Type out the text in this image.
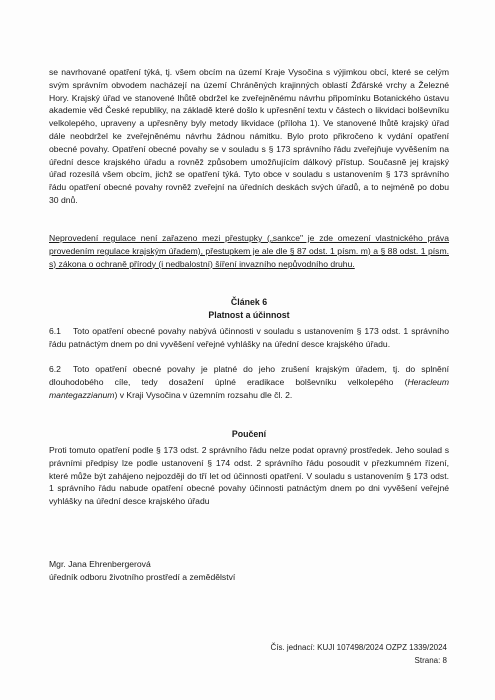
se navrhované opatření týká, tj. všem obcím na území Kraje Vysočina s výjimkou obcí, které se celým svým správním obvodem nacházejí na území Chráněných krajinných oblastí Žďárské vrchy a Železné Hory. Krajský úřad ve stanovené lhůtě obdržel ke zveřejněnému návrhu připomínku Botanického ústavu akademie věd České republiky, na základě které došlo k upřesnění textu v částech o likvidaci bolševníku velkolepého, upraveny a upřesněny byly metody likvidace (příloha 1). Ve stanovené lhůtě krajský úřad dále neobdržel ke zveřejněnému návrhu žádnou námitku. Bylo proto přikročeno k vydání opatření obecné povahy. Opatření obecné povahy se v souladu s § 173 správního řádu zveřejňuje vyvěšením na úřední desce krajského úřadu a rovněž způsobem umožňujícím dálkový přístup. Současně jej krajský úřad rozesílá všem obcím, jichž se opatření týká. Tyto obce v souladu s ustanovením § 173 správního řádu opatření obecné povahy rovněž zveřejní na úředních deskách svých úřadů, a to nejméně po dobu 30 dnů.
Neprovedení regulace není zařazeno mezi přestupky („sankce" je zde omezení vlastnického práva provedením regulace krajským úřadem), přestupkem je ale dle § 87 odst. 1 písm. m) a § 88 odst. 1 písm. s) zákona o ochraně přírody (i nedbalostní) šíření invazního nepůvodního druhu.
Článek 6
Platnost a účinnost
6.1 Toto opatření obecné povahy nabývá účinnosti v souladu s ustanovením § 173 odst. 1 správního řádu patnáctým dnem po dni vyvěšení veřejné vyhlášky na úřední desce krajského úřadu.
6.2 Toto opatření obecné povahy je platné do jeho zrušení krajským úřadem, tj. do splnění dlouhodobého cíle, tedy dosažení úplné eradikace bolševníku velkolepého (Heracleum mantegazzianum) v Kraji Vysočina v územním rozsahu dle čl. 2.
Poučení
Proti tomuto opatření podle § 173 odst. 2 správního řádu nelze podat opravný prostředek. Jeho soulad s právními předpisy lze podle ustanovení § 174 odst. 2 správního řádu posoudit v přezkumném řízení, které může být zahájeno nejpozději do tří let od účinnosti opatření. V souladu s ustanovením § 173 odst. 1 správního řádu nabude opatření obecné povahy účinnosti patnáctým dnem po dni vyvěšení veřejné vyhlášky na úřední desce krajského úřadu
Mgr. Jana Ehrenbergerová
úředník odboru životního prostředí a zemědělství
Čís. jednací: KUJI 107498/2024 OZPZ 1339/2024
Strana: 8
